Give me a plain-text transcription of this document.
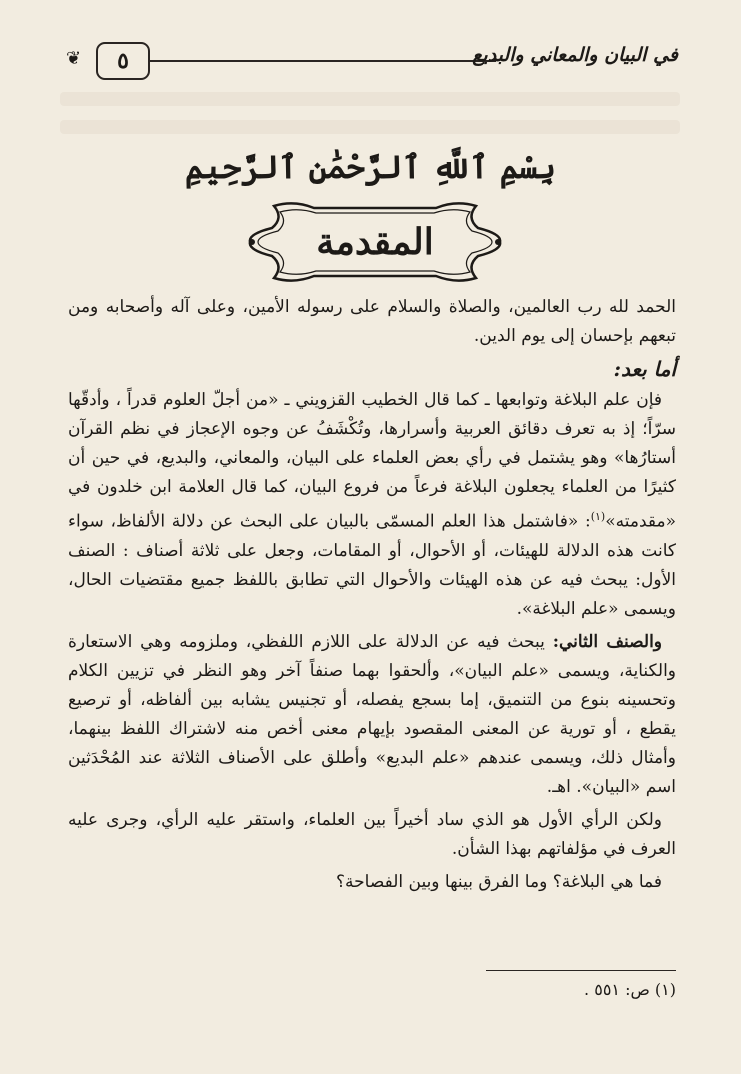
❦	٥	في البيان والمعاني والبديع
بِسْمِ ٱللَّهِ ٱلرَّحْمَٰنِ ٱلرَّحِيمِ
المقدمة

الحمد لله رب العالمين، والصلاة والسلام على رسوله الأمين، وعلى آله وأصحابه ومن تبعهم بإحسان إلى يوم الدين.

أما بعد:

فإن علم البلاغة وتوابعها ـ كما قال الخطيب القزويني ـ «من أجلّ العلوم قدراً ، وأدقّها سرّاً؛ إذ به تعرف دقائق العربية وأسرارها، وتُكْشَفُ عن وجوه الإعجاز في نظم القرآن أستارُها» وهو يشتمل في رأي بعض العلماء على البيان، والمعاني، والبديع، في حين أن كثيرًا من العلماء يجعلون البلاغة فرعاً من فروع البيان، كما قال العلامة ابن خلدون في «مقدمته»$^{(١)}$: «فاشتمل هذا العلم المسمّى بالبيان على البحث عن دلالة الألفاظ، سواء كانت هذه الدلالة للهيئات، أو الأحوال، أو المقامات، وجعل على ثلاثة أصناف : الصنف الأول: يبحث فيه عن هذه الهيئات والأحوال التي تطابق باللفظ جميع مقتضيات الحال، ويسمى «علم البلاغة».

والصنف الثاني: يبحث فيه عن الدلالة على اللازم اللفظي، وملزومه وهي الاستعارة والكناية، ويسمى «علم البيان»، وألحقوا بهما صنفاً آخر وهو النظر في تزيين الكلام وتحسينه بنوع من التنميق، إما بسجع يفصله، أو تجنيس يشابه بين ألفاظه، أو ترصيع يقطع ، أو تورية عن المعنى المقصود بإيهام معنى أخص منه لاشتراك اللفظ بينهما، وأمثال ذلك، ويسمى عندهم «علم البديع» وأطلق على الأصناف الثلاثة عند المُحْدَثين اسم «البيان». اهـ.

ولكن الرأي الأول هو الذي ساد أخيراً بين العلماء، واستقر عليه الرأي، وجرى عليه العرف في مؤلفاتهم بهذا الشأن.

فما هي البلاغة؟ وما الفرق بينها وبين الفصاحة؟

(١) ص: ٥٥١ .
